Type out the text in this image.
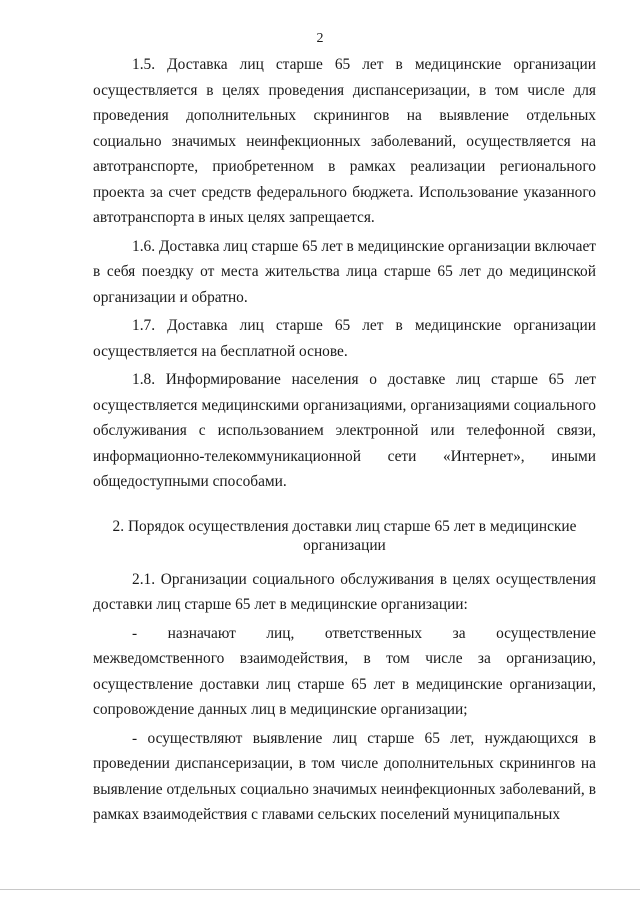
2

1.5. Доставка лиц старше 65 лет в медицинские организации осуществляется в целях проведения диспансеризации, в том числе для проведения дополнительных скринингов на выявление отдельных социально значимых неинфекционных заболеваний, осуществляется на автотранспорте, приобретенном в рамках реализации регионального проекта за счет средств федерального бюджета. Использование указанного автотранспорта в иных целях запрещается.

1.6. Доставка лиц старше 65 лет в медицинские организации включает в себя поездку от места жительства лица старше 65 лет до медицинской организации и обратно.

1.7. Доставка лиц старше 65 лет в медицинские организации осуществляется на бесплатной основе.

1.8. Информирование населения о доставке лиц старше 65 лет осуществляется медицинскими организациями, организациями социального обслуживания с использованием электронной или телефонной связи, информационно-телекоммуникационной сети «Интернет», иными общедоступными способами.

2. Порядок осуществления доставки лиц старше 65 лет в медицинские
организации

2.1. Организации социального обслуживания в целях осуществления доставки лиц старше 65 лет в медицинские организации:

- назначают лиц, ответственных за осуществление межведомственного взаимодействия, в том числе за организацию, осуществление доставки лиц старше 65 лет в медицинские организации, сопровождение данных лиц в медицинские организации;

- осуществляют выявление лиц старше 65 лет, нуждающихся в проведении диспансеризации, в том числе дополнительных скринингов на выявление отдельных социально значимых неинфекционных заболеваний, в рамках взаимодействия с главами сельских поселений муниципальных
